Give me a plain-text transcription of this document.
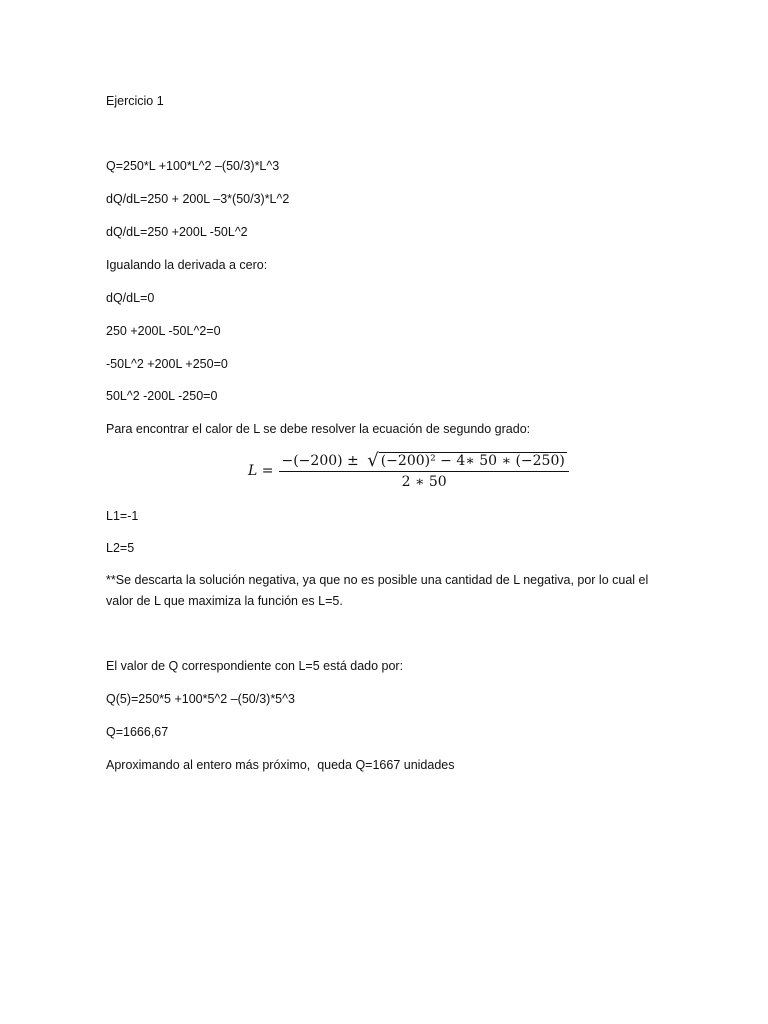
Ejercicio 1
Q=250*L +100*L^2 –(50/3)*L^3
dQ/dL=250 + 200L –3*(50/3)*L^2
dQ/dL=250 +200L -50L^2
Igualando la derivada a cero:
dQ/dL=0
250 +200L -50L^2=0
-50L^2 +200L +250=0
50L^2 -200L -250=0
Para encontrar el calor de L se debe resolver la ecuación de segundo grado:
L =
−(−200) ± √ (−200)² − 4∗ 50 ∗ (−250)
2 ∗ 50
L1=-1
L2=5
**Se descarta la solución negativa, ya que no es posible una cantidad de L negativa, por lo cual el valor de L que maximiza la función es L=5.
El valor de Q correspondiente con L=5 está dado por:
Q(5)=250*5 +100*5^2 –(50/3)*5^3
Q=1666,67
Aproximando al entero más próximo,  queda Q=1667 unidades
